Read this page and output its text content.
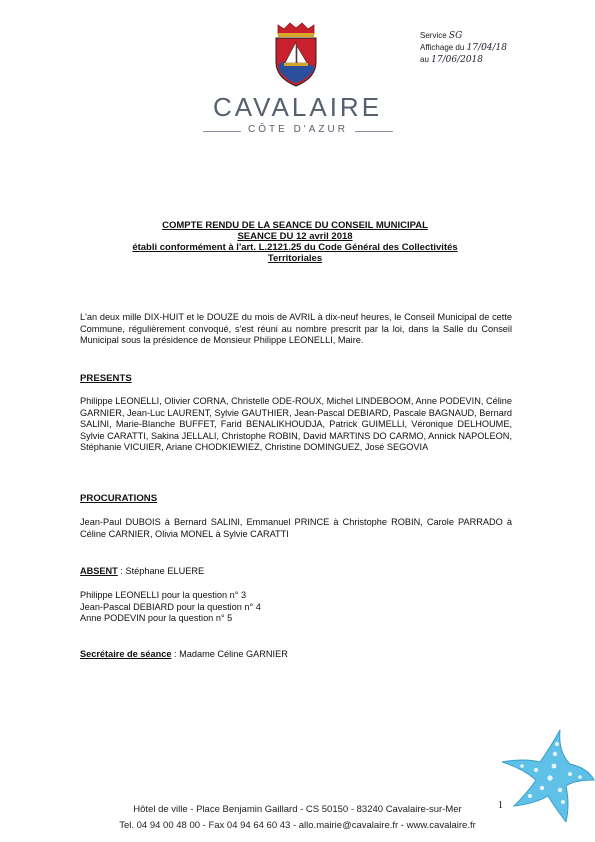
CAVALAIRE
CÔTE D'AZUR
Service SG
Affichage du 17/04/18
au 17/06/2018
COMPTE RENDU DE LA SEANCE DU CONSEIL MUNICIPAL
SEANCE DU 12 avril 2018
établi conformément à l'art. L.2121.25 du Code Général des Collectivités
Territoriales
L'an deux mille DIX-HUIT et le DOUZE du mois de AVRIL à dix-neuf heures, le Conseil Municipal de cette Commune, régulièrement convoqué, s'est réuni au nombre prescrit par la loi, dans la Salle du Conseil Municipal sous la présidence de Monsieur Philippe LEONELLI, Maire.
PRESENTS
Philippe LEONELLI, Olivier CORNA, Christelle ODE-ROUX, Michel LINDEBOOM, Anne PODEVIN, Céline GARNIER, Jean-Luc LAURENT, Sylvie GAUTHIER, Jean-Pascal DEBIARD, Pascale BAGNAUD, Bernard SALINI, Marie-Blanche BUFFET, Farid BENALIKHOUDJA, Patrick GUIMELLI, Véronique DELHOUME, Sylvie CARATTI, Sakina JELLALI, Christophe ROBIN, David MARTINS DO CARMO, Annick NAPOLEON, Stéphanie VICUIER, Ariane CHODKIEWIEZ, Christine DOMINGUEZ, José SEGOVIA
PROCURATIONS
Jean-Paul DUBOIS à Bernard SALINI, Emmanuel PRINCE à Christophe ROBIN, Carole PARRADO à Céline CARNIER, Olivia MONEL à Sylvie CARATTI
ABSENT : Stéphane ELUERE
Philippe LEONELLI pour la question n° 3
Jean-Pascal DEBIARD pour la question n° 4
Anne PODEVIN pour la question n° 5
Secrétaire de séance : Madame Céline GARNIER
1
Hôtel de ville - Place Benjamin Gaillard - CS 50150 - 83240 Cavalaire-sur-Mer
Tel. 04 94 00 48 00 - Fax 04 94 64 60 43 - allo.mairie@cavalaire.fr - www.cavalaire.fr
